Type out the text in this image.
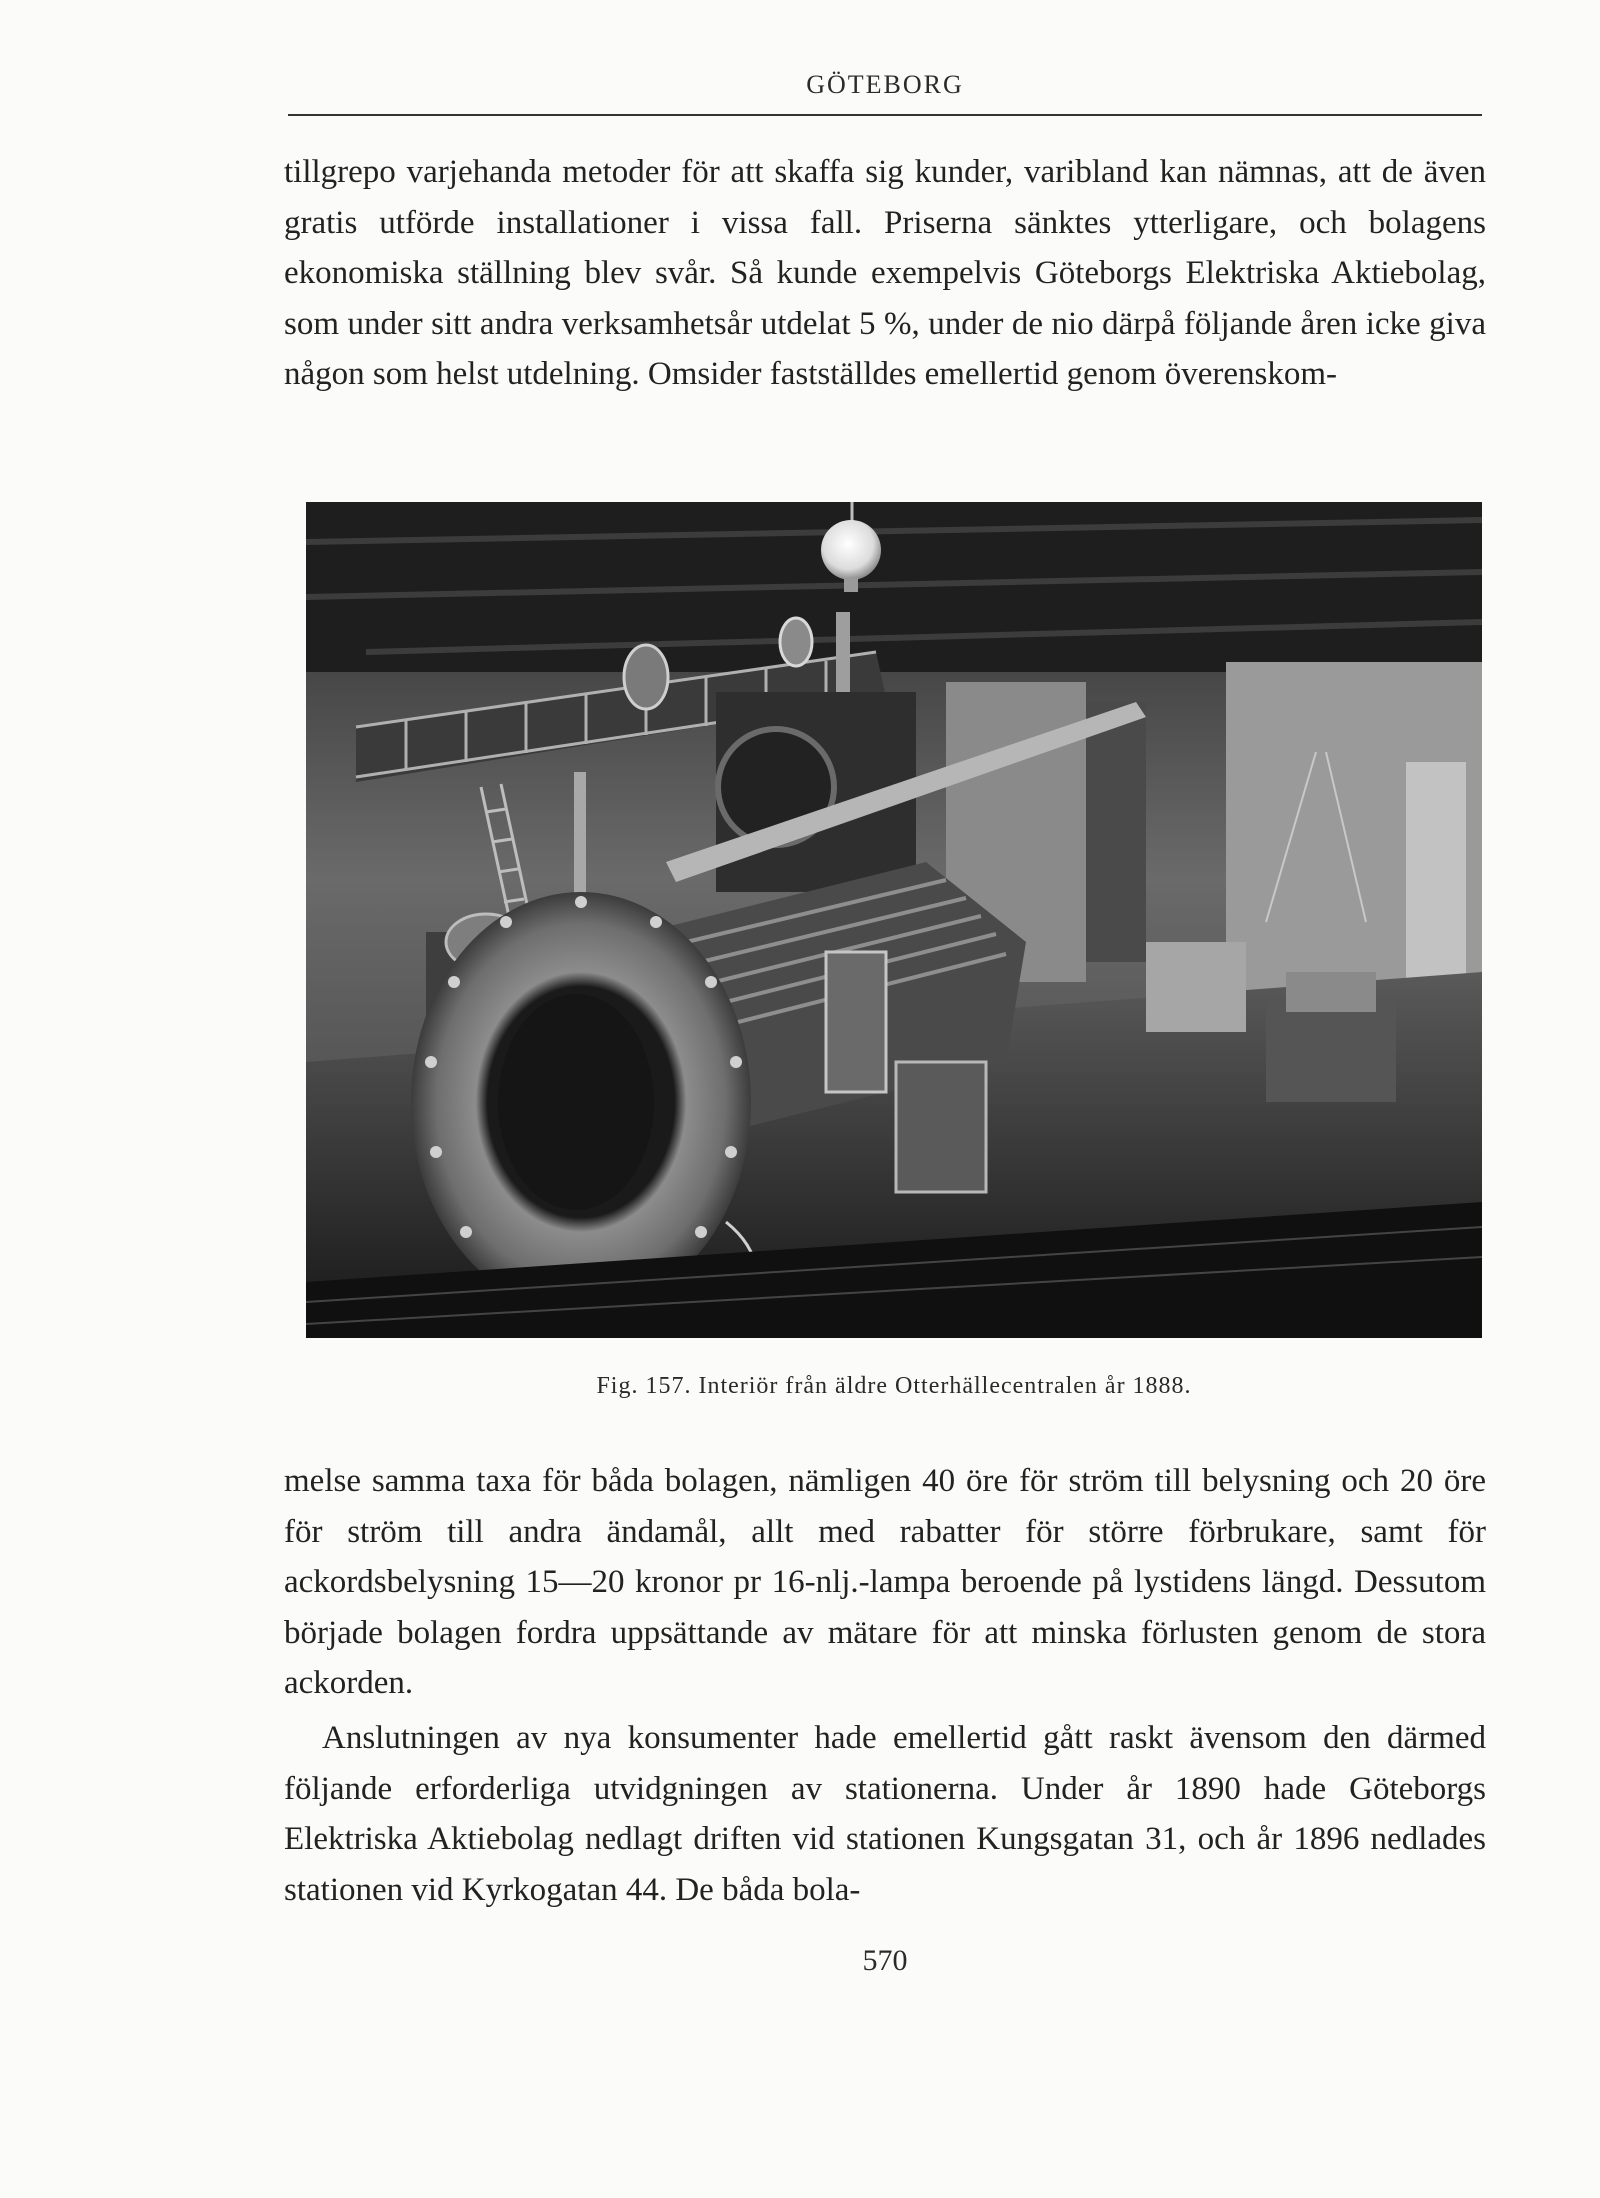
GÖTEBORG

tillgrepo varjehanda metoder för att skaffa sig kunder, varibland kan nämnas, att de även gratis utförde installationer i vissa fall. Priserna sänktes ytterligare, och bolagens ekonomiska ställning blev svår. Så kunde exempelvis Göteborgs Elektriska Aktiebolag, som under sitt andra verksamhetsår utdelat 5 %, under de nio därpå följande åren icke giva någon som helst utdelning. Omsider fastställdes emellertid genom överenskom-

Fig. 157. Interiör från äldre Otterhällecentralen år 1888.

melse samma taxa för båda bolagen, nämligen 40 öre för ström till belysning och 20 öre för ström till andra ändamål, allt med rabatter för större förbrukare, samt för ackordsbelysning 15—20 kronor pr 16-nlj.-lampa beroende på lystidens längd. Dessutom började bolagen fordra uppsättande av mätare för att minska förlusten genom de stora ackorden.

Anslutningen av nya konsumenter hade emellertid gått raskt ävensom den därmed följande erforderliga utvidgningen av stationerna. Under år 1890 hade Göteborgs Elektriska Aktiebolag nedlagt driften vid stationen Kungsgatan 31, och år 1896 nedlades stationen vid Kyrkogatan 44. De båda bola-

570
